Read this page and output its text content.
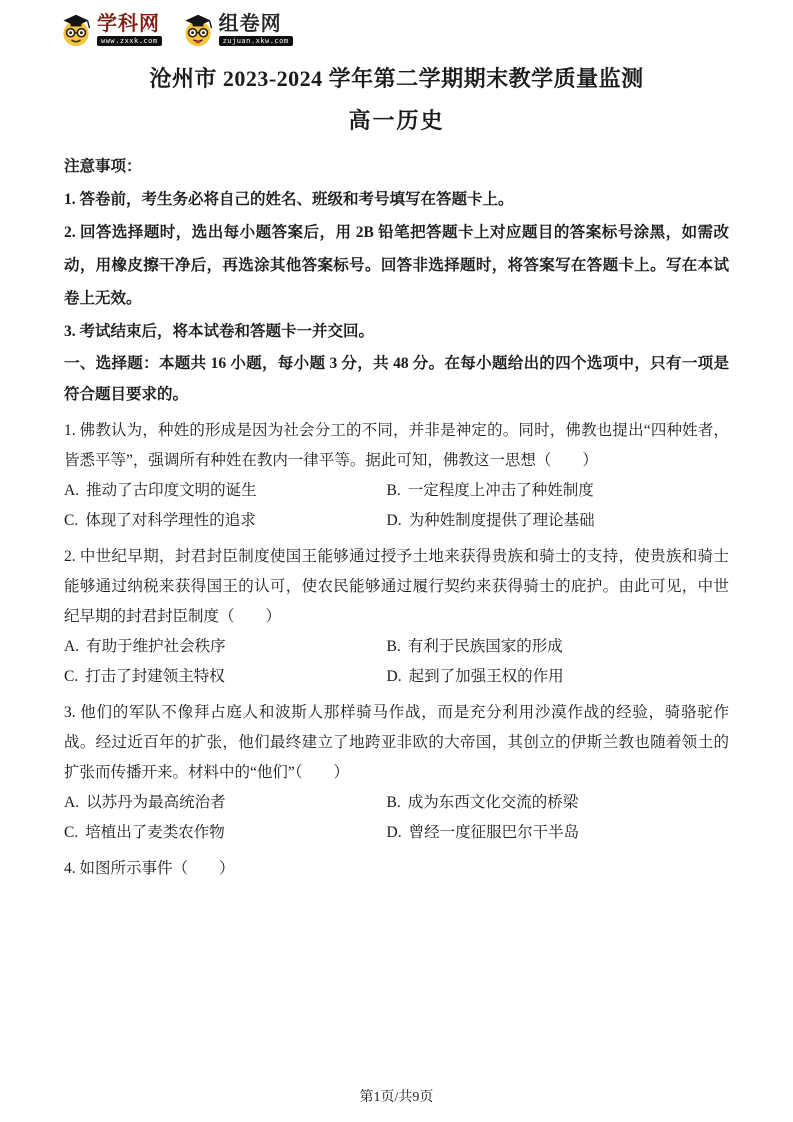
学科网
www.zxxk.com
组卷网
zujuan.xkw.com
沧州市 2023-2024 学年第二学期期末教学质量监测
高一历史

注意事项：

1. 答卷前，考生务必将自己的姓名、班级和考号填写在答题卡上。

2. 回答选择题时，选出每小题答案后，用 2B 铅笔把答题卡上对应题目的答案标号涂黑，如需改动，用橡皮擦干净后，再选涂其他答案标号。回答非选择题时，将答案写在答题卡上。写在本试卷上无效。

3. 考试结束后，将本试卷和答题卡一并交回。

一、选择题：本题共 16 小题，每小题 3 分，共 48 分。在每小题给出的四个选项中，只有一项是符合题目要求的。

1. 佛教认为，种姓的形成是因为社会分工的不同，并非是神定的。同时，佛教也提出“四种姓者，皆悉平等”，强调所有种姓在教内一律平等。据此可知，佛教这一思想（　　）

A. 推动了古印度文明的诞生	B. 一定程度上冲击了种姓制度
C. 体现了对科学理性的追求	D. 为种姓制度提供了理论基础

2. 中世纪早期，封君封臣制度使国王能够通过授予土地来获得贵族和骑士的支持，使贵族和骑士能够通过纳税来获得国王的认可，使农民能够通过履行契约来获得骑士的庇护。由此可见，中世纪早期的封君封臣制度（　　）

A. 有助于维护社会秩序	B. 有利于民族国家的形成
C. 打击了封建领主特权	D. 起到了加强王权的作用

3. 他们的军队不像拜占庭人和波斯人那样骑马作战，而是充分利用沙漠作战的经验，骑骆驼作战。经过近百年的扩张，他们最终建立了地跨亚非欧的大帝国，其创立的伊斯兰教也随着领土的扩张而传播开来。材料中的“他们”（　　）

A. 以苏丹为最高统治者	B. 成为东西文化交流的桥梁
C. 培植出了麦类农作物	D. 曾经一度征服巴尔干半岛

4. 如图所示事件（　　）

第1页/共9页
